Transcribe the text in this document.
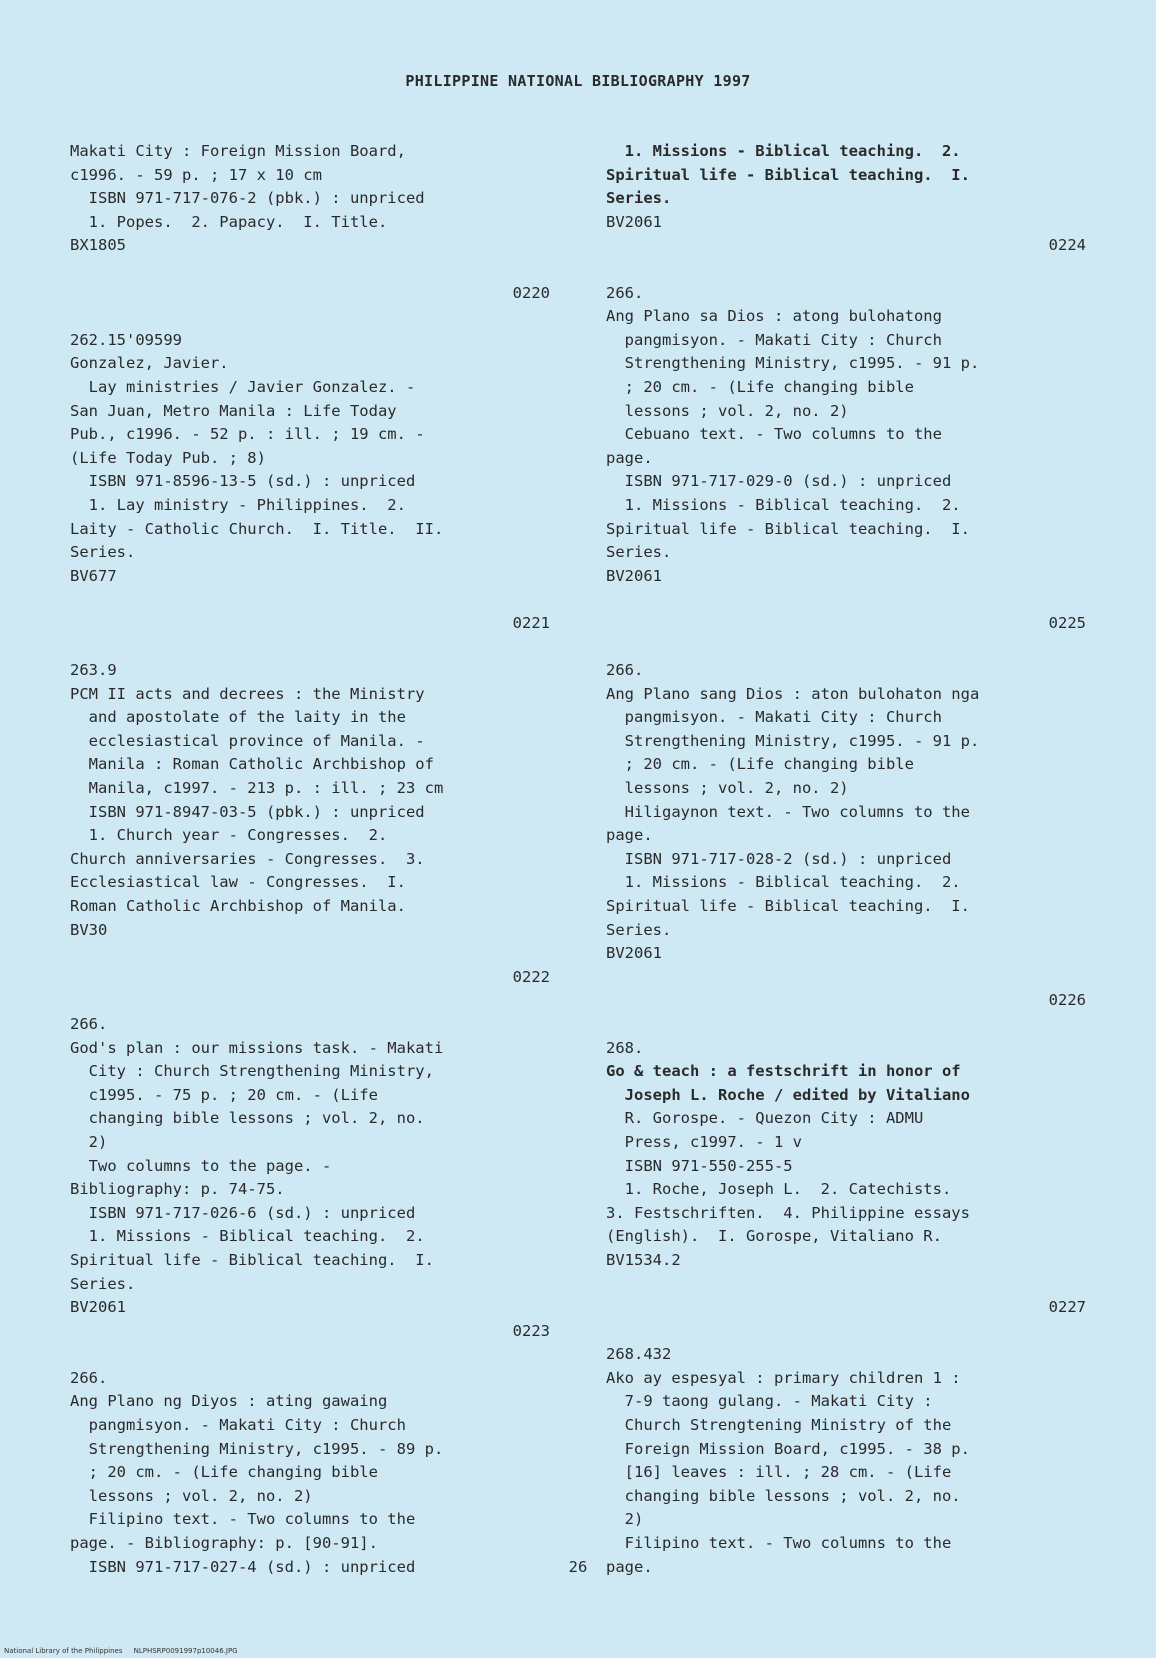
PHILIPPINE NATIONAL BIBLIOGRAPHY 1997
Makati City : Foreign Mission Board,
c1996. - 59 p. ; 17 x 10 cm
ISBN 971-717-076-2 (pbk.) : unpriced
1. Popes.  2. Papacy.  I. Title.
BX1805
0220
262.15'09599
Gonzalez, Javier.
Lay ministries / Javier Gonzalez. -
San Juan, Metro Manila : Life Today
Pub., c1996. - 52 p. : ill. ; 19 cm. -
(Life Today Pub. ; 8)
ISBN 971-8596-13-5 (sd.) : unpriced
1. Lay ministry - Philippines.  2.
Laity - Catholic Church.  I. Title.  II.
Series.
BV677
0221
263.9
PCM II acts and decrees : the Ministry
and apostolate of the laity in the
ecclesiastical province of Manila. -
Manila : Roman Catholic Archbishop of
Manila, c1997. - 213 p. : ill. ; 23 cm
ISBN 971-8947-03-5 (pbk.) : unpriced
1. Church year - Congresses.  2.
Church anniversaries - Congresses.  3.
Ecclesiastical law - Congresses.  I.
Roman Catholic Archbishop of Manila.
BV30
0222
266.
God's plan : our missions task. - Makati
City : Church Strengthening Ministry,
c1995. - 75 p. ; 20 cm. - (Life
changing bible lessons ; vol. 2, no.
2)
Two columns to the page. -
Bibliography: p. 74-75.
ISBN 971-717-026-6 (sd.) : unpriced
1. Missions - Biblical teaching.  2.
Spiritual life - Biblical teaching.  I.
Series.
BV2061
0223
266.
Ang Plano ng Diyos : ating gawaing
pangmisyon. - Makati City : Church
Strengthening Ministry, c1995. - 89 p.
; 20 cm. - (Life changing bible
lessons ; vol. 2, no. 2)
Filipino text. - Two columns to the
page. - Bibliography: p. [90-91].
ISBN 971-717-027-4 (sd.) : unpriced
1. Missions - Biblical teaching.  2.
Spiritual life - Biblical teaching.  I.
Series.
BV2061
0224
266.
Ang Plano sa Dios : atong bulohatong
pangmisyon. - Makati City : Church
Strengthening Ministry, c1995. - 91 p.
; 20 cm. - (Life changing bible
lessons ; vol. 2, no. 2)
Cebuano text. - Two columns to the
page.
ISBN 971-717-029-0 (sd.) : unpriced
1. Missions - Biblical teaching.  2.
Spiritual life - Biblical teaching.  I.
Series.
BV2061
0225
266.
Ang Plano sang Dios : aton bulohaton nga
pangmisyon. - Makati City : Church
Strengthening Ministry, c1995. - 91 p.
; 20 cm. - (Life changing bible
lessons ; vol. 2, no. 2)
Hiligaynon text. - Two columns to the
page.
ISBN 971-717-028-2 (sd.) : unpriced
1. Missions - Biblical teaching.  2.
Spiritual life - Biblical teaching.  I.
Series.
BV2061
0226
268.
Go & teach : a festschrift in honor of
Joseph L. Roche / edited by Vitaliano
R. Gorospe. - Quezon City : ADMU
Press, c1997. - 1 v
ISBN 971-550-255-5
1. Roche, Joseph L.  2. Catechists.
3. Festschriften.  4. Philippine essays
(English).  I. Gorospe, Vitaliano R.
BV1534.2
0227
268.432
Ako ay espesyal : primary children 1 :
7-9 taong gulang. - Makati City :
Church Strengtening Ministry of the
Foreign Mission Board, c1995. - 38 p.
[16] leaves : ill. ; 28 cm. - (Life
changing bible lessons ; vol. 2, no.
2)
Filipino text. - Two columns to the
page.
26
National Library of the Philippines     NLPHSRP0091997p10046.JPG
